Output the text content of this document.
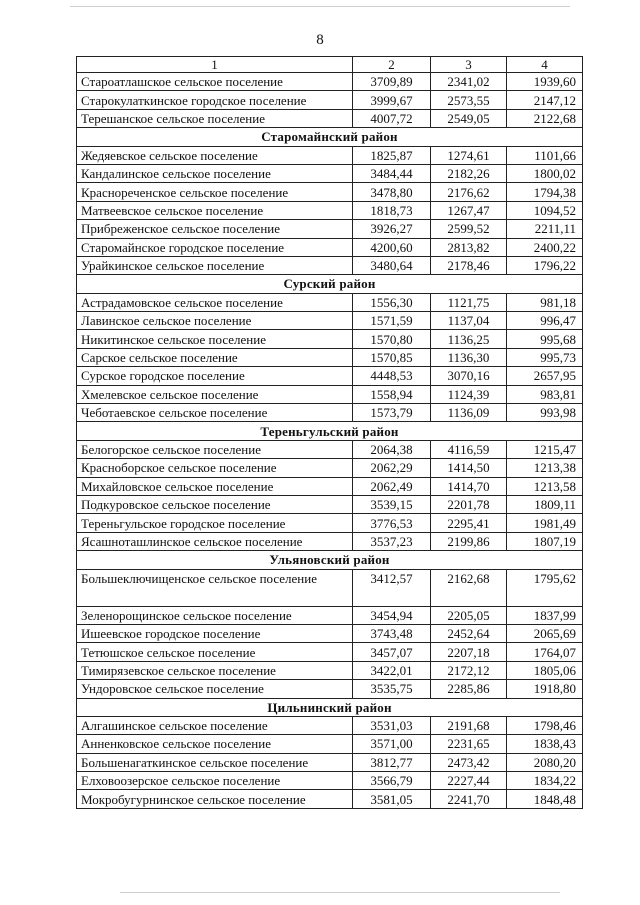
8
1	2	3	4
Староатлашское сельское поселение	3709,89	2341,02	1939,60
Старокулаткинское городское поселение	3999,67	2573,55	2147,12
Терешанское сельское поселение	4007,72	2549,05	2122,68
Старомайнский район			
Жедяевское сельское поселение	1825,87	1274,61	1101,66
Кандалинское сельское поселение	3484,44	2182,26	1800,02
Краснореченское сельское поселение	3478,80	2176,62	1794,38
Матвеевское сельское поселение	1818,73	1267,47	1094,52
Прибреженское сельское поселение	3926,27	2599,52	2211,11
Старомайнское городское поселение	4200,60	2813,82	2400,22
Урайкинское сельское поселение	3480,64	2178,46	1796,22
Сурский район			
Астрадамовское сельское поселение	1556,30	1121,75	981,18
Лавинское сельское поселение	1571,59	1137,04	996,47
Никитинское сельское поселение	1570,80	1136,25	995,68
Сарское сельское поселение	1570,85	1136,30	995,73
Сурское городское поселение	4448,53	3070,16	2657,95
Хмелевское сельское поселение	1558,94	1124,39	983,81
Чеботаевское сельское поселение	1573,79	1136,09	993,98
Тереньгульский район			
Белогорское сельское поселение	2064,38	4116,59	1215,47
Красноборское сельское поселение	2062,29	1414,50	1213,38
Михайловское сельское поселение	2062,49	1414,70	1213,58
Подкуровское сельское поселение	3539,15	2201,78	1809,11
Тереньгульское городское поселение	3776,53	2295,41	1981,49
Ясашноташлинское сельское поселение	3537,23	2199,86	1807,19
Ульяновский район			
Большеключищенское сельское поселение	3412,57	2162,68	1795,62
Зеленорощинское сельское поселение	3454,94	2205,05	1837,99
Ишеевское городское поселение	3743,48	2452,64	2065,69
Тетюшское сельское поселение	3457,07	2207,18	1764,07
Тимирязевское сельское поселение	3422,01	2172,12	1805,06
Ундоровское сельское поселение	3535,75	2285,86	1918,80
Цильнинский район			
Алгашинское сельское поселение	3531,03	2191,68	1798,46
Анненковское сельское поселение	3571,00	2231,65	1838,43
Большенагаткинское сельское поселение	3812,77	2473,42	2080,20
Елховоозерское сельское поселение	3566,79	2227,44	1834,22
Мокробугурнинское сельское поселение	3581,05	2241,70	1848,48
